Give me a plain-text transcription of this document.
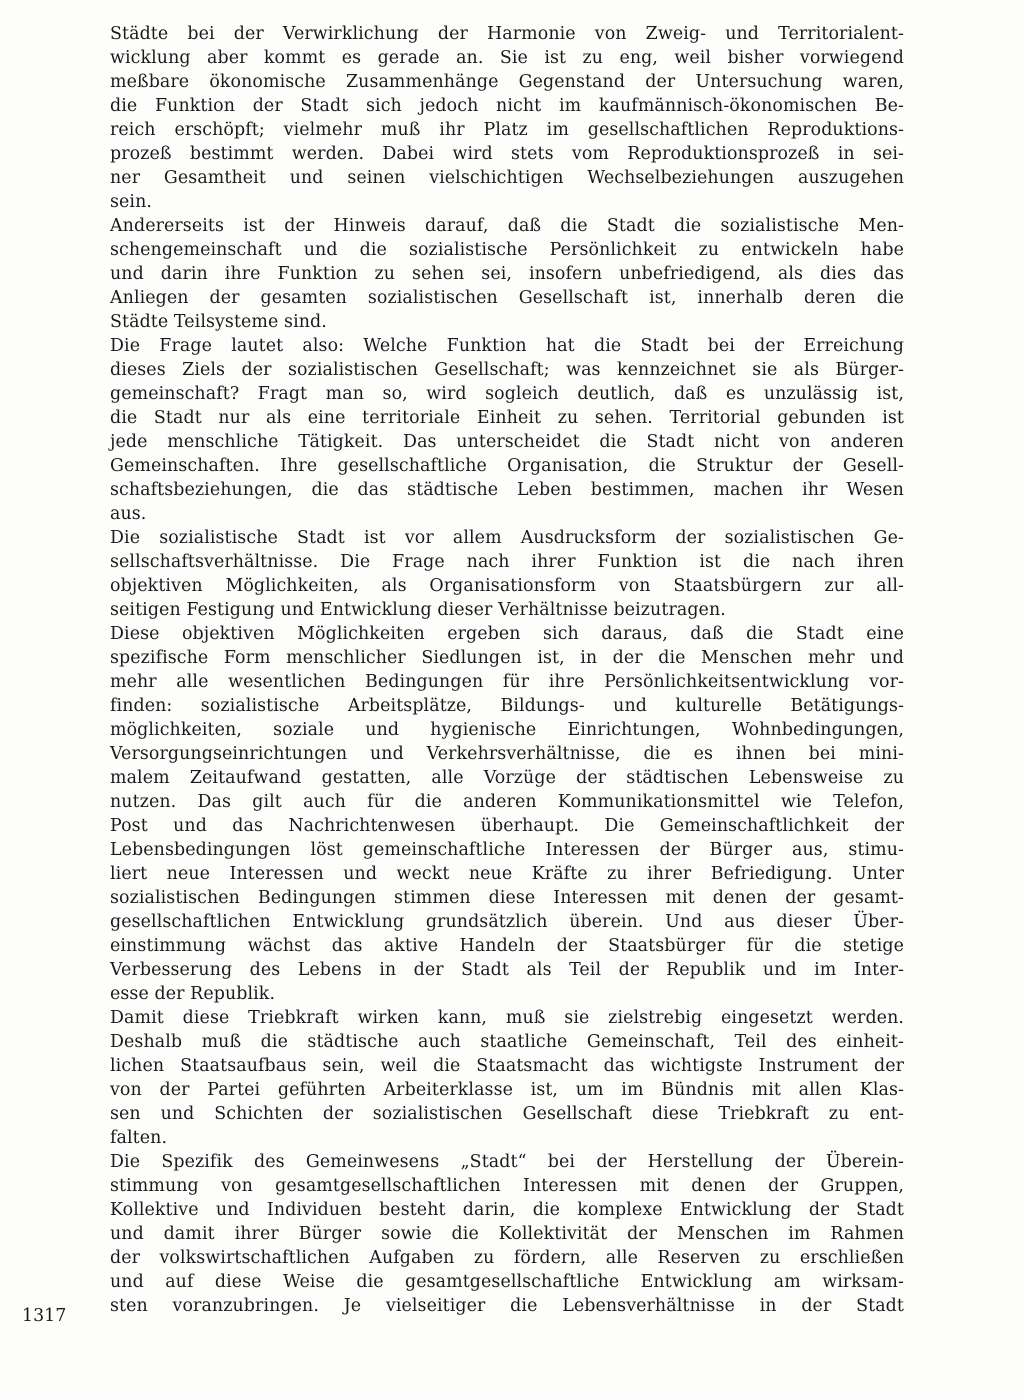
Städte bei der Verwirklichung der Harmonie von Zweig- und Territorialent-
wicklung aber kommt es gerade an. Sie ist zu eng, weil bisher vorwiegend
meßbare ökonomische Zusammenhänge Gegenstand der Untersuchung waren,
die Funktion der Stadt sich jedoch nicht im kaufmännisch-ökonomischen Be-
reich erschöpft; vielmehr muß ihr Platz im gesellschaftlichen Reproduktions-
prozeß bestimmt werden. Dabei wird stets vom Reproduktionsprozeß in sei-
ner Gesamtheit und seinen vielschichtigen Wechselbeziehungen auszugehen
sein.
Andererseits ist der Hinweis darauf, daß die Stadt die sozialistische Men-
schengemeinschaft und die sozialistische Persönlichkeit zu entwickeln habe
und darin ihre Funktion zu sehen sei, insofern unbefriedigend, als dies das
Anliegen der gesamten sozialistischen Gesellschaft ist, innerhalb deren die
Städte Teilsysteme sind.
Die Frage lautet also: Welche Funktion hat die Stadt bei der Erreichung
dieses Ziels der sozialistischen Gesellschaft; was kennzeichnet sie als Bürger-
gemeinschaft? Fragt man so, wird sogleich deutlich, daß es unzulässig ist,
die Stadt nur als eine territoriale Einheit zu sehen. Territorial gebunden ist
jede menschliche Tätigkeit. Das unterscheidet die Stadt nicht von anderen
Gemeinschaften. Ihre gesellschaftliche Organisation, die Struktur der Gesell-
schaftsbeziehungen, die das städtische Leben bestimmen, machen ihr Wesen
aus.
Die sozialistische Stadt ist vor allem Ausdrucksform der sozialistischen Ge-
sellschaftsverhältnisse. Die Frage nach ihrer Funktion ist die nach ihren
objektiven Möglichkeiten, als Organisationsform von Staatsbürgern zur all-
seitigen Festigung und Entwicklung dieser Verhältnisse beizutragen.
Diese objektiven Möglichkeiten ergeben sich daraus, daß die Stadt eine
spezifische Form menschlicher Siedlungen ist, in der die Menschen mehr und
mehr alle wesentlichen Bedingungen für ihre Persönlichkeitsentwicklung vor-
finden: sozialistische Arbeitsplätze, Bildungs- und kulturelle Betätigungs-
möglichkeiten, soziale und hygienische Einrichtungen, Wohnbedingungen,
Versorgungseinrichtungen und Verkehrsverhältnisse, die es ihnen bei mini-
malem Zeitaufwand gestatten, alle Vorzüge der städtischen Lebensweise zu
nutzen. Das gilt auch für die anderen Kommunikationsmittel wie Telefon,
Post und das Nachrichtenwesen überhaupt. Die Gemeinschaftlichkeit der
Lebensbedingungen löst gemeinschaftliche Interessen der Bürger aus, stimu-
liert neue Interessen und weckt neue Kräfte zu ihrer Befriedigung. Unter
sozialistischen Bedingungen stimmen diese Interessen mit denen der gesamt-
gesellschaftlichen Entwicklung grundsätzlich überein. Und aus dieser Über-
einstimmung wächst das aktive Handeln der Staatsbürger für die stetige
Verbesserung des Lebens in der Stadt als Teil der Republik und im Inter-
esse der Republik.
Damit diese Triebkraft wirken kann, muß sie zielstrebig eingesetzt werden.
Deshalb muß die städtische auch staatliche Gemeinschaft, Teil des einheit-
lichen Staatsaufbaus sein, weil die Staatsmacht das wichtigste Instrument der
von der Partei geführten Arbeiterklasse ist, um im Bündnis mit allen Klas-
sen und Schichten der sozialistischen Gesellschaft diese Triebkraft zu ent-
falten.
Die Spezifik des Gemeinwesens „Stadt“ bei der Herstellung der Überein-
stimmung von gesamtgesellschaftlichen Interessen mit denen der Gruppen,
Kollektive und Individuen besteht darin, die komplexe Entwicklung der Stadt
und damit ihrer Bürger sowie die Kollektivität der Menschen im Rahmen
der volkswirtschaftlichen Aufgaben zu fördern, alle Reserven zu erschließen
und auf diese Weise die gesamtgesellschaftliche Entwicklung am wirksam-
sten voranzubringen. Je vielseitiger die Lebensverhältnisse in der Stadt
1317
